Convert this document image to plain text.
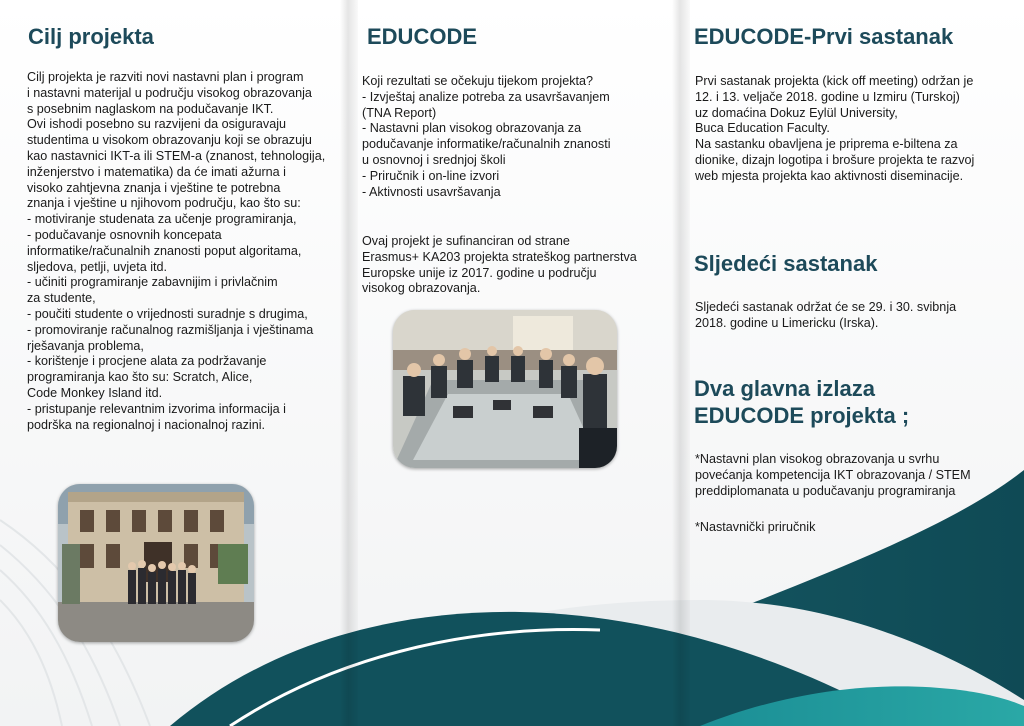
Cilj projekta
Cilj projekta je razviti novi nastavni plan i program
i nastavni materijal u području visokog obrazovanja
s posebnim naglaskom na podučavanje IKT.
Ovi ishodi posebno su razvijeni da osiguravaju
studentima u visokom obrazovanju koji se obrazuju
kao nastavnici IKT-a ili STEM-a (znanost, tehnologija,
inženjerstvo i matematika) da će imati ažurna i
visoko zahtjevna znanja i vještine te potrebna
znanja i vještine u njihovom području, kao što su:
- motiviranje studenata za učenje programiranja,
- podučavanje osnovnih koncepata
informatike/računalnih znanosti poput algoritama,
sljedova, petlji, uvjeta itd.
- učiniti programiranje zabavnijim i privlačnim
za studente,
- poučiti studente o vrijednosti suradnje s drugima,
- promoviranje računalnog razmišljanja i vještinama
rješavanja problema,
- korištenje i procjene alata za podržavanje
programiranja kao što su: Scratch, Alice,
Code Monkey Island itd.
- pristupanje relevantnim izvorima informacija i
podrška na regionalnoj i nacionalnoj razini.
EDUCODE
Koji rezultati se očekuju tijekom projekta?
- Izvještaj analize potreba za usavršavanjem
(TNA Report)
- Nastavni plan visokog obrazovanja za
podučavanje informatike/računalnih znanosti
u osnovnoj i srednjoj školi
- Priručnik i on-line izvori
- Aktivnosti usavršavanja
Ovaj projekt je sufinanciran od strane
Erasmus+ KA203 projekta strateškog partnerstva
Europske unije iz 2017. godine u području
visokog obrazovanja.
EDUCODE-Prvi sastanak
Prvi sastanak projekta (kick off meeting) održan je
12. i 13. veljače 2018. godine u Izmiru (Turskoj)
uz domaćina Dokuz Eylül University,
Buca Education Faculty.
Na sastanku obavljena je priprema e-biltena za
dionike, dizajn logotipa i brošure projekta te razvoj
web mjesta projekta kao aktivnosti diseminacije.
Sljedeći sastanak
Sljedeći sastanak održat će se 29. i 30. svibnja
2018. godine u Limericku (Irska).
Dva glavna izlaza
EDUCODE projekta ;
*Nastavni plan visokog obrazovanja u svrhu
povećanja kompetencija IKT obrazovanja / STEM
preddiplomanata u podučavanju programiranja
*Nastavnički priručnik
